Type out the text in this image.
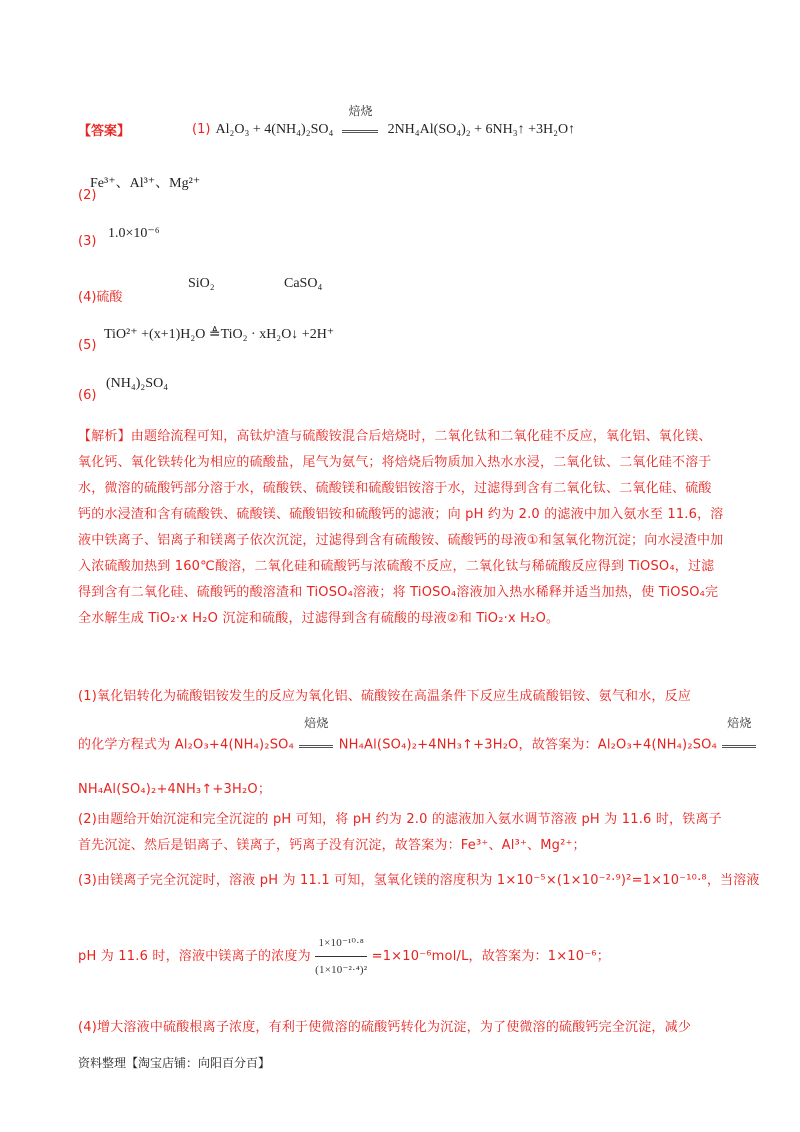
【答案】	(1) Al₂O₃ + 4(NH₄)₂SO₄
焙烧
2NH₄Al(SO₄)₂ + 6NH₃↑ +3H₂O↑
Fe³⁺、Al³⁺、Mg²⁺
(2)
1.0×10⁻⁶
(3)
SiO₂	CaSO₄
(4)硫酸
TiO²⁺ +(x+1)H₂O ≜TiO₂ · xH₂O↓ +2H⁺
(5)
(NH₄)₂SO₄
(6)
【解析】由题给流程可知，高钛炉渣与硫酸铵混合后焙烧时，二氧化钛和二氧化硅不反应，氧化铝、氧化镁、氧化钙、氧化铁转化为相应的硫酸盐，尾气为氨气；将焙烧后物质加入热水水浸，二氧化钛、二氧化硅不溶于水，微溶的硫酸钙部分溶于水，硫酸铁、硫酸镁和硫酸铝铵溶于水，过滤得到含有二氧化钛、二氧化硅、硫酸钙的水浸渣和含有硫酸铁、硫酸镁、硫酸铝铵和硫酸钙的滤液；向 pH 约为 2.0 的滤液中加入氨水至 11.6，溶液中铁离子、铝离子和镁离子依次沉淀，过滤得到含有硫酸铵、硫酸钙的母液①和氢氧化物沉淀；向水浸渣中加入浓硫酸加热到 160℃酸溶，二氧化硅和硫酸钙与浓硫酸不反应，二氧化钛与稀硫酸反应得到 TiOSO₄，过滤得到含有二氧化硅、硫酸钙的酸溶渣和 TiOSO₄溶液；将 TiOSO₄溶液加入热水稀释并适当加热，使 TiOSO₄完全水解生成 TiO₂·x H₂O 沉淀和硫酸，过滤得到含有硫酸的母液②和 TiO₂·x H₂O。
(1)氧化铝转化为硫酸铝铵发生的反应为氧化铝、硫酸铵在高温条件下反应生成硫酸铝铵、氨气和水，反应
的化学方程式为 Al₂O₃+4(NH₄)₂SO₄
焙烧
NH₄Al(SO₄)₂+4NH₃↑+3H₂O，故答案为：Al₂O₃+4(NH₄)₂SO₄
焙烧
NH₄Al(SO₄)₂+4NH₃↑+3H₂O；
(2)由题给开始沉淀和完全沉淀的 pH 可知，将 pH 约为 2.0 的滤液加入氨水调节溶液 pH 为 11.6 时，铁离子首先沉淀、然后是铝离子、镁离子，钙离子没有沉淀，故答案为：Fe³⁺、Al³⁺、Mg²⁺；
(3)由镁离子完全沉淀时，溶液 pH 为 11.1 可知，氢氧化镁的溶度积为 1×10⁻⁵×(1×10⁻²·⁹)²=1×10⁻¹⁰·⁸，当溶液
pH 为 11.6 时，溶液中镁离子的浓度为 $\frac{\text{1×10⁻¹⁰·⁸}}{\text{(1×10⁻²·⁴)²}} =1\times 10^{-6}mol/L$，故答案为：1×10⁻⁶；
(4)增大溶液中硫酸根离子浓度，有利于使微溶的硫酸钙转化为沉淀，为了使微溶的硫酸钙完全沉淀，减少
资料整理【淘宝店铺：向阳百分百】
